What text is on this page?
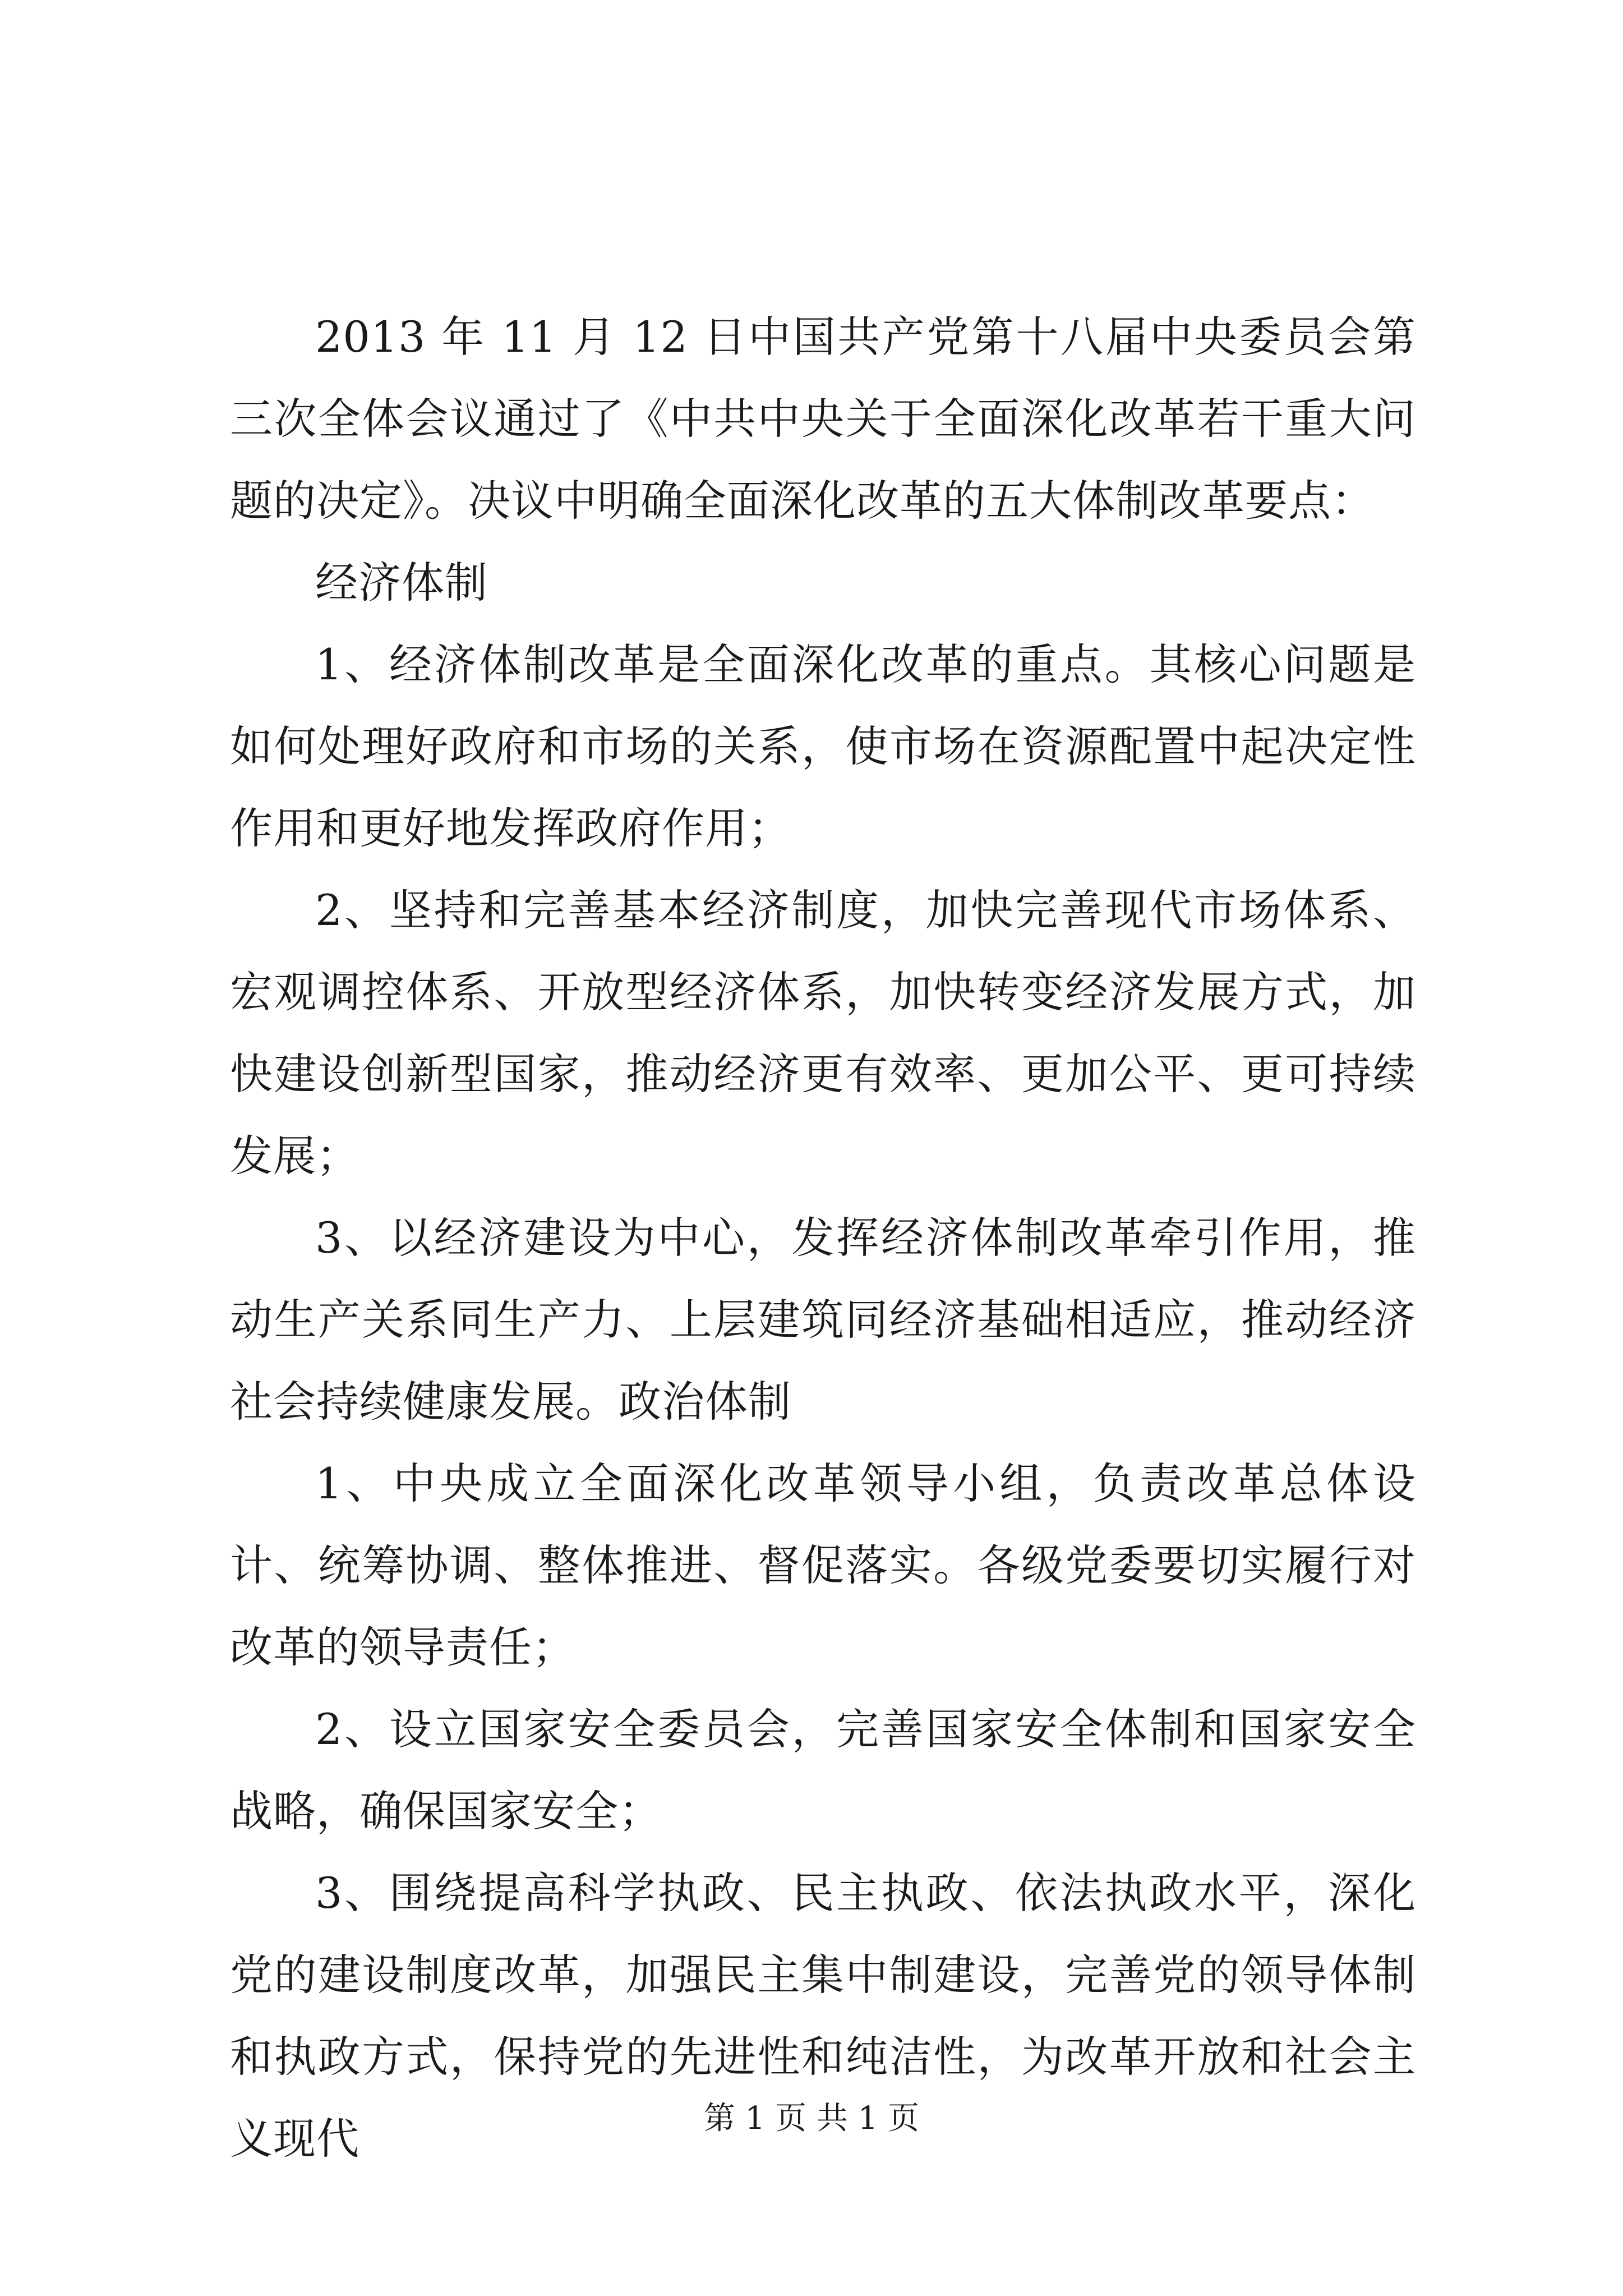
2013 年 11 月 12 日中国共产党第十八届中央委员会第三次全体会议通过了《中共中央关于全面深化改革若干重大问题的决定》。决议中明确全面深化改革的五大体制改革要点：

经济体制

1、经济体制改革是全面深化改革的重点。其核心问题是如何处理好政府和市场的关系，使市场在资源配置中起决定性作用和更好地发挥政府作用；

2、坚持和完善基本经济制度，加快完善现代市场体系、宏观调控体系、开放型经济体系，加快转变经济发展方式，加快建设创新型国家，推动经济更有效率、更加公平、更可持续发展；

3、以经济建设为中心，发挥经济体制改革牵引作用，推动生产关系同生产力、上层建筑同经济基础相适应，推动经济社会持续健康发展。政治体制

1、中央成立全面深化改革领导小组，负责改革总体设计、统筹协调、整体推进、督促落实。各级党委要切实履行对改革的领导责任；

2、设立国家安全委员会，完善国家安全体制和国家安全战略，确保国家安全；

3、围绕提高科学执政、民主执政、依法执政水平，深化党的建设制度改革，加强民主集中制建设，完善党的领导体制和执政方式，保持党的先进性和纯洁性，为改革开放和社会主义现代	第 1 页 共 1 页
